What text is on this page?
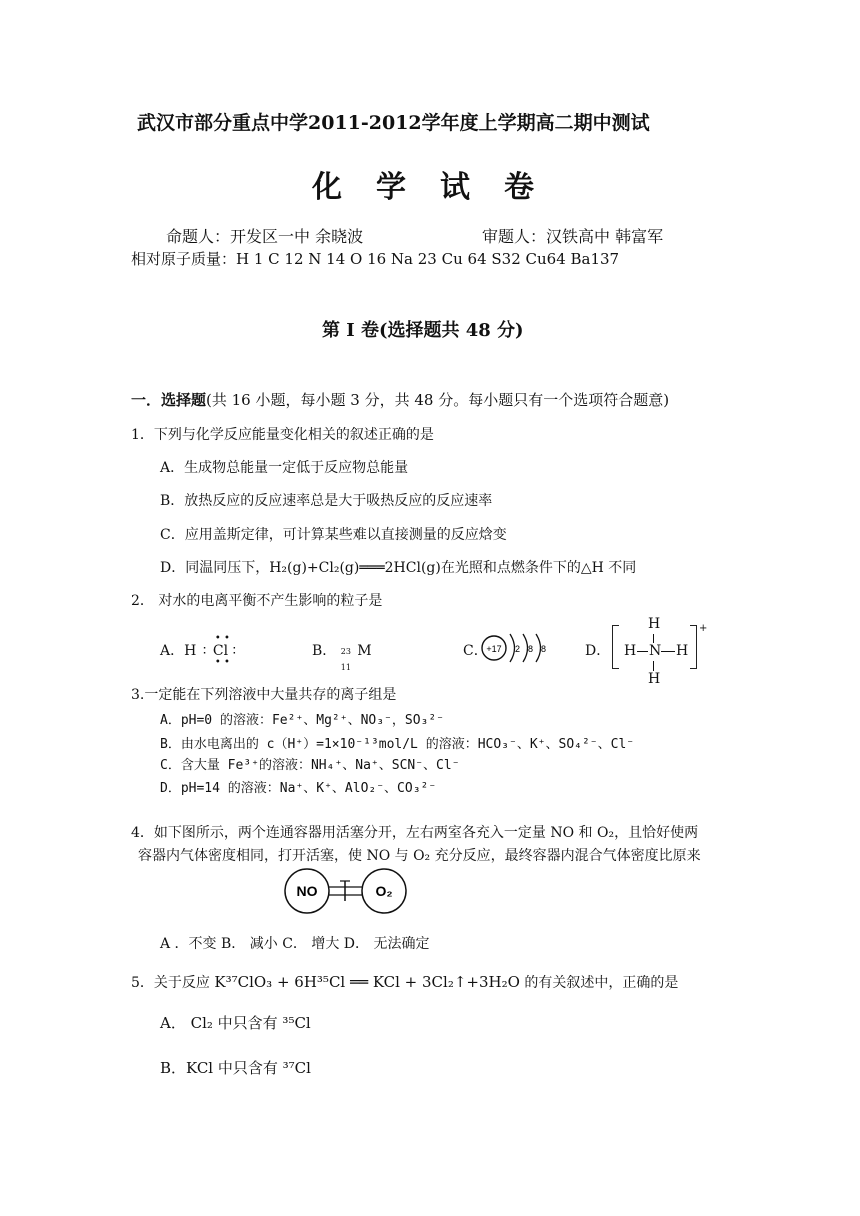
武汉市部分重点中学2011-2012学年度上学期高二期中测试
化学试卷
命题人：开发区一中 余晓波	审题人：汉铁高中 韩富军
相对原子质量：H 1 C 12 N 14 O 16 Na 23 Cu 64 S32 Cu64 Ba137
第 I 卷(选择题共 48 分)
一．选择题(共 16 小题，每小题 3 分，共 48 分。每小题只有一个选项符合题意)
1．下列与化学反应能量变化相关的叙述正确的是
A．生成物总能量一定低于反应物总能量
B．放热反应的反应速率总是大于吸热反应的反应速率
C．应用盖斯定律，可计算某些难以直接测量的反应焓变
D．同温同压下，H₂(g)+Cl₂(g)═══2HCl(g)在光照和点燃条件下的△H 不同
2． 对水的电离平衡不产生影响的粒子是
A．H ∶ Cl
• •
• •
∶	B． 23
11
M	C．
+17 2 8 8	D．
H
H N H
H
+
3.一定能在下列溶液中大量共存的离子组是
A．pH=0 的溶液：Fe²⁺、Mg²⁺、NO₃⁻，SO₃²⁻
B．由水电离出的 c（H⁺）=1×10⁻¹³mol/L 的溶液：HCO₃⁻、K⁺、SO₄²⁻、Cl⁻
C．含大量 Fe³⁺的溶液：NH₄⁺、Na⁺、SCN⁻、Cl⁻
D．pH=14 的溶液：Na⁺、K⁺、AlO₂⁻、CO₃²⁻
4．如下图所示，两个连通容器用活塞分开，左右两室各充入一定量 NO 和 O₂，且恰好使两
容器内气体密度相同，打开活塞，使 NO 与 O₂ 充分反应，最终容器内混合气体密度比原来
NO	O₂
A ．不变 B． 减小 C． 增大 D． 无法确定
5．关于反应 K³⁷ClO₃ + 6H³⁵Cl ══ KCl + 3Cl₂↑+3H₂O 的有关叙述中，正确的是
A． Cl₂ 中只含有 ³⁵Cl
B．KCl 中只含有 ³⁷Cl
